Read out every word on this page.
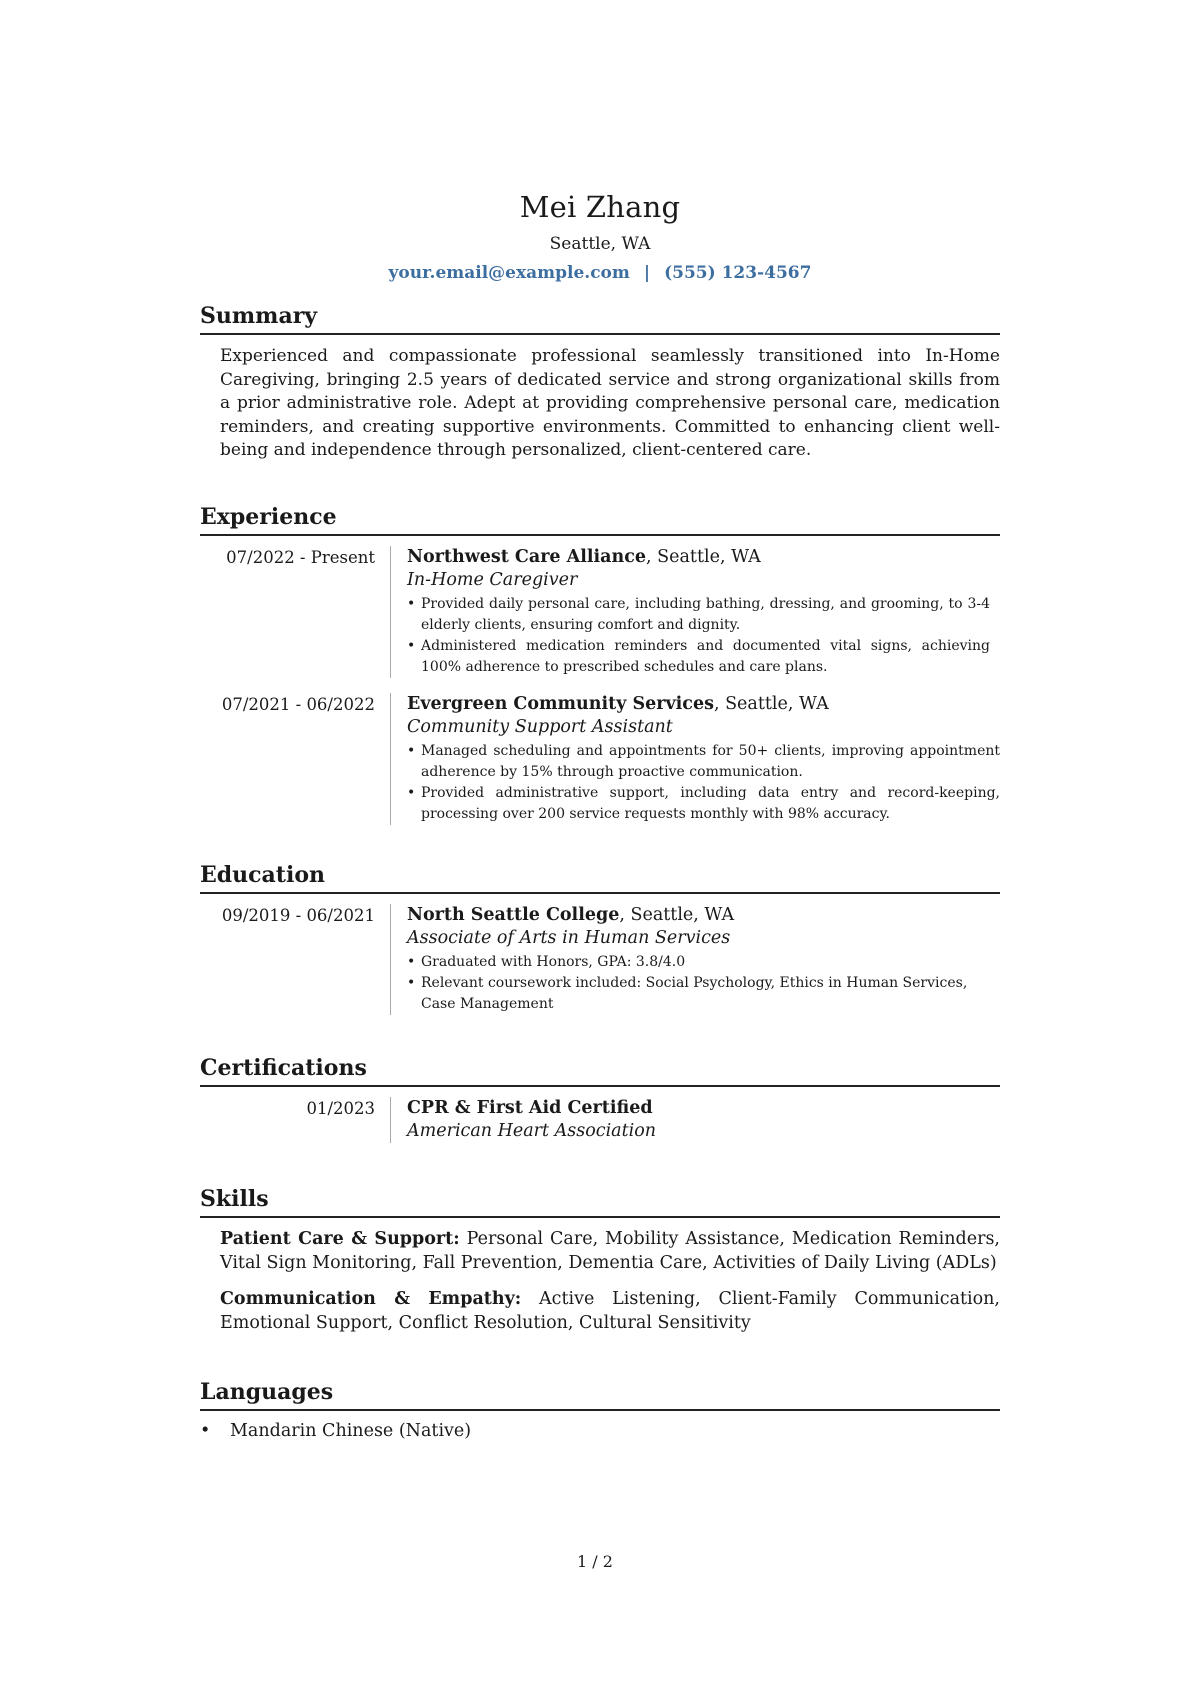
Mei Zhang
Seattle, WA
your.email@example.com | (555) 123-4567
Summary

Experienced and compassionate professional seamlessly transitioned into In-Home Caregiving, bringing 2.5 years of dedicated service and strong organizational skills from a prior administrative role. Adept at providing comprehensive personal care, medication reminders, and creating supportive environments. Committed to enhancing client well-being and independence through personalized, client-centered care.

Experience
07/2022 - Present	Northwest Care Alliance, Seattle, WA
In-Home Caregiver
• Provided daily personal care, including bathing, dressing, and grooming, to 3-4 elderly clients, ensuring comfort and dignity.
• Administered medication reminders and documented vital signs, achieving 100% adherence to prescribed schedules and care plans.
07/2021 - 06/2022	Evergreen Community Services, Seattle, WA
Community Support Assistant
• Managed scheduling and appointments for 50+ clients, improving appointment adherence by 15% through proactive communication.
• Provided administrative support, including data entry and record-keeping, processing over 200 service requests monthly with 98% accuracy.
Education
09/2019 - 06/2021	North Seattle College, Seattle, WA
Associate of Arts in Human Services
• Graduated with Honors, GPA: 3.8/4.0
• Relevant coursework included: Social Psychology, Ethics in Human Services, Case Management
Certifications
01/2023	CPR & First Aid Certified
American Heart Association
Skills
Patient Care & Support: Personal Care, Mobility Assistance, Medication Reminders, Vital Sign Monitoring, Fall Prevention, Dementia Care, Activities of Daily Living (ADLs)
Communication & Empathy: Active Listening, Client-Family Communication, Emotional Support, Conflict Resolution, Cultural Sensitivity
Languages
• Mandarin Chinese (Native)
1 / 2
